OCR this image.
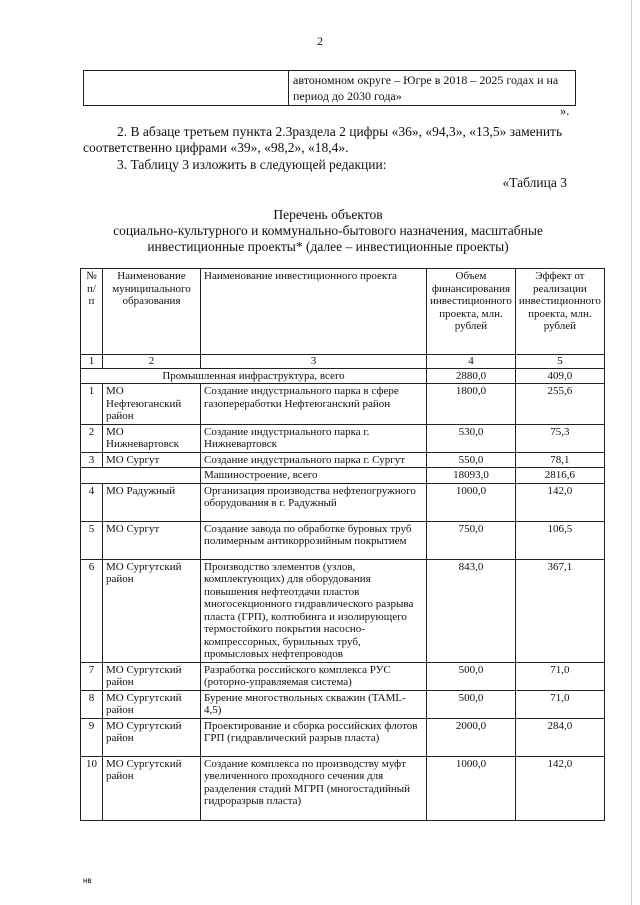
2
	автономном округе – Югре в 2018 – 2025 годах и на период до 2030 года»
».

2. В абзаце третьем пункта 2.3раздела 2 цифры «36», «94,3», «13,5» заменить соответственно цифрами «39», «98,2», «18,4».

3. Таблицу 3 изложить в следующей редакции:

«Таблица 3
Перечень объектов
социально-культурного и коммунально-бытового назначения, масштабные
инвестиционные проекты* (далее – инвестиционные проекты)
№ п/ п	Наименование муниципального образования	Наименование инвестиционного проекта	Объем финансирования инвестиционного проекта, млн. рублей	Эффект от реализации инвестиционного проекта, млн. рублей
1	2	3	4	5
Промышленная инфраструктура, всего			2880,0	409,0
1	МО Нефтеюганский район	Создание индустриального парка в сфере газопереработки Нефтеюганский район	1800,0	255,6
2	МО Нижневартовск	Создание индустриального парка г. Нижневартовск	530,0	75,3
3	МО Сургут	Создание индустриального парка г. Сургут	550,0	78,1
		Машиностроение, всего	18093,0	2816,6
4	МО Радужный	Организация производства нефтепогружного оборудования в г. Радужный	1000,0	142,0
5	МО Сургут	Создание завода по обработке буровых труб полимерным антикоррозийным покрытием	750,0	106,5
6	МО Сургутский район	Производство элементов (узлов, комплектующих) для оборудования повышения нефтеотдачи пластов многосекционного гидравлического разрыва пласта (ГРП), колтюбинга и изолирующего термостойкого покрытия насосно-компрессорных, бурильных труб, промысловых нефтепроводов	843,0	367,1
7	МО Сургутский район	Разработка российского комплекса РУС (роторно-управляемая система)	500,0	71,0
8	МО Сургутский район	Бурение многоствольных скважин (TAML-4,5)	500,0	71,0
9	МО Сургутский район	Проектирование и сборка российских флотов ГРП (гидравлический разрыв пласта)	2000,0	284,0
10	МО Сургутский район	Создание комплекса по производству муфт увеличенного проходного сечения для разделения стадий МГРП (многостадийный гидроразрыв пласта)	1000,0	142,0
нв
